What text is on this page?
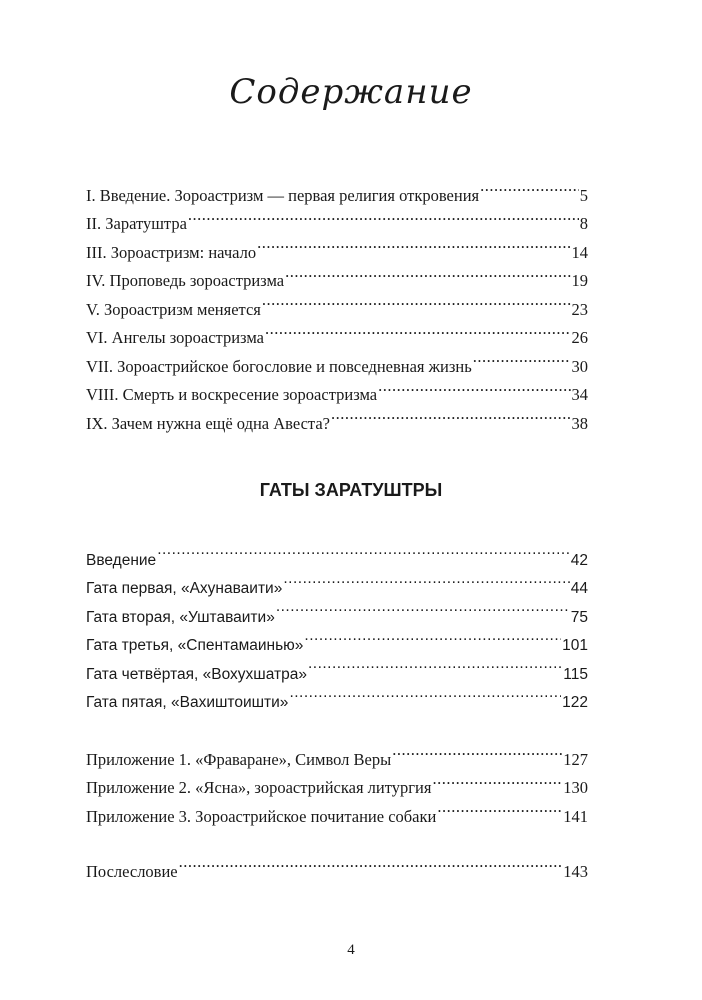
Содержание
I. Введение. Зороастризм — первая религия откровения .....	5
II. Заратуштра .....	8
III. Зороастризм: начало .....	14
IV. Проповедь зороастризма .....	19
V. Зороастризм меняется .....	23
VI. Ангелы зороастризма .....	26
VII. Зороастрийское богословие и повседневная жизнь .....	30
VIII. Смерть и воскресение зороастризма .....	34
IX. Зачем нужна ещё одна Авеста? .....	38
ГАТЫ ЗАРАТУШТРЫ
Введение .....	42
Гата первая, «Ахунаваити» .....	44
Гата вторая, «Уштаваити» .....	75
Гата третья, «Спентамаинью» .....	101
Гата четвёртая, «Вохухшатра» .....	115
Гата пятая, «Вахиштоишти» .....	122
Приложение 1. «Фраваране», Символ Веры .....	127
Приложение 2. «Ясна», зороастрийская литургия .....	130
Приложение 3. Зороастрийское почитание собаки .....	141
Послесловие .....	143
4
